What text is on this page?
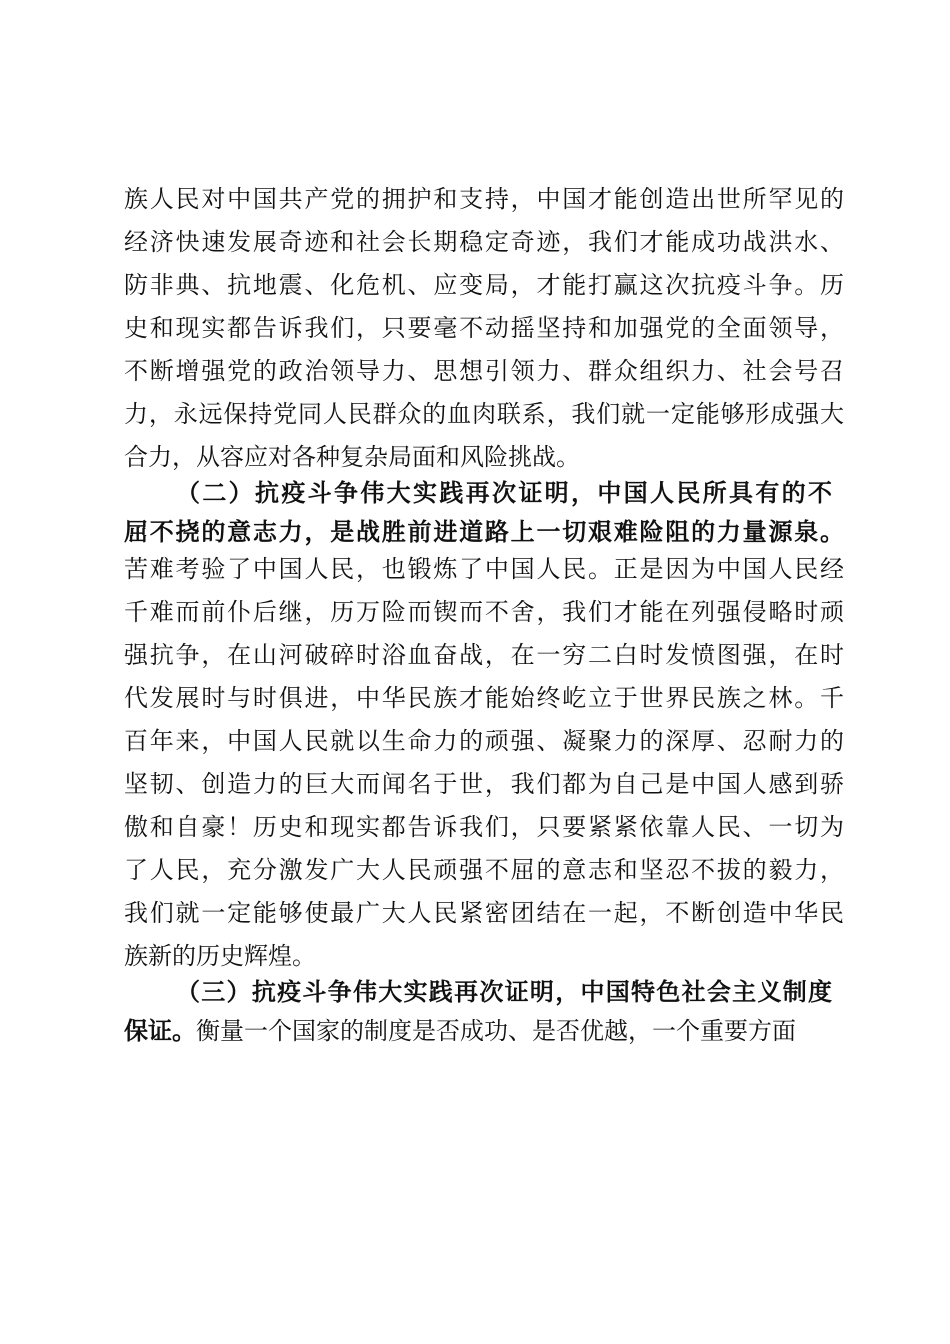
族人民对中国共产党的拥护和支持，中国才能创造出世所罕见的
经济快速发展奇迹和社会长期稳定奇迹，我们才能成功战洪水、
防非典、抗地震、化危机、应变局，才能打赢这次抗疫斗争。历
史和现实都告诉我们，只要毫不动摇坚持和加强党的全面领导，
不断增强党的政治领导力、思想引领力、群众组织力、社会号召
力，永远保持党同人民群众的血肉联系，我们就一定能够形成强大
合力，从容应对各种复杂局面和风险挑战。
（二）抗疫斗争伟大实践再次证明，中国人民所具有的不
屈不挠的意志力，是战胜前进道路上一切艰难险阻的力量源泉。
苦难考验了中国人民，也锻炼了中国人民。正是因为中国人民经
千难而前仆后继，历万险而锲而不舍，我们才能在列强侵略时顽
强抗争，在山河破碎时浴血奋战，在一穷二白时发愤图强，在时
代发展时与时俱进，中华民族才能始终屹立于世界民族之林。千
百年来，中国人民就以生命力的顽强、凝聚力的深厚、忍耐力的
坚韧、创造力的巨大而闻名于世，我们都为自己是中国人感到骄
傲和自豪！历史和现实都告诉我们，只要紧紧依靠人民、一切为
了人民，充分激发广大人民顽强不屈的意志和坚忍不拔的毅力，
我们就一定能够使最广大人民紧密团结在一起，不断创造中华民
族新的历史辉煌。
（三）抗疫斗争伟大实践再次证明，中国特色社会主义制度
保证。衡量一个国家的制度是否成功、是否优越，一个重要方面
